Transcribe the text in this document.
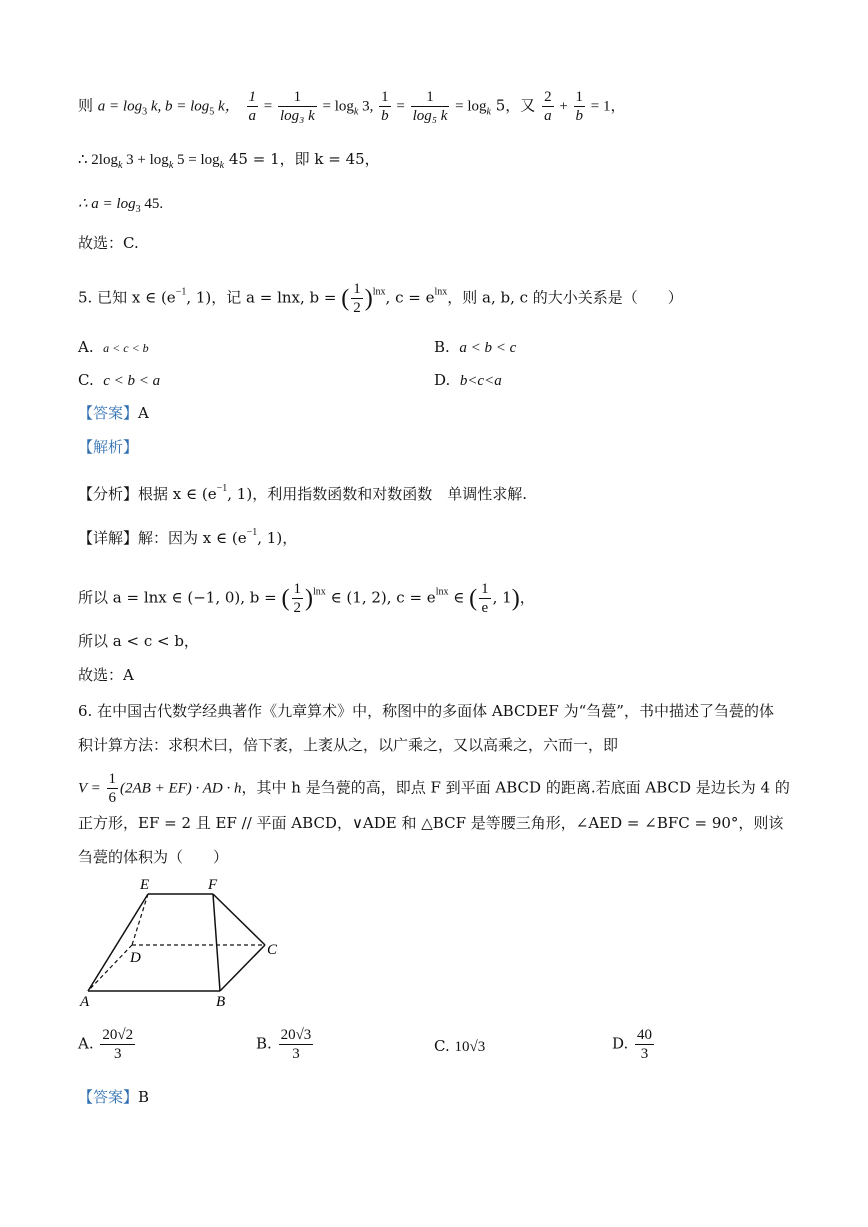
则 $a = \log_3 k$, $b = \log_5 k$， $\frac{1}{a} = \frac{1}{\text{log₃ k}} = \log_k 3$, $\frac{1}{b} = \frac{1}{\text{log₅ k}} = \log_k 5$，又 $\frac{2}{a} + \frac{1}{b} = 1$，
∴ $2\log_k$ $3 + \log_k 5 = \log_k 45 = 1$，即 k = 45，
∴ $a = \log_3 45$.
故选：C.
5. 已知 x ∈ ($e^{-1}$, 1)，记 a = lnx, b = ( $\frac{1}{2} )^{lnx}$, $c = e^{lnx}$，则 a, b, c 的大小关系是（　　）
A. a < c < b	B. a < b < c
C. c < b < a	D. b<c<a
【答案】A
【解析】
【分析】根据 x ∈ ($e^{-1}$, 1)，利用指数函数和对数函数　单调性求解.
【详解】解：因为 x ∈ ($e^{-1}$, 1)，
所以 a = lnx ∈ (−1, 0), b = ( $\frac{1}{2} )^{lnx}$ ∈ (1, 2), $c = e^{lnx}$ ∈ ( $\frac{1}{e}$ , 1)，
所以 a < c < b，
故选：A
6. 在中国古代数学经典著作《九章算术》中，称图中的多面体 ABCDEF 为“刍甍”，书中描述了刍甍的体
积计算方法：求积术曰，倍下袤，上袤从之，以广乘之，又以高乘之，六而一，即
$V = \frac{1}{6} (2AB + EF)$ · AD · h，其中 h 是刍甍的高，即点 F 到平面 ABCD 的距离.若底面 ABCD 是边长为 4 的
正方形，EF = 2 且 EF // 平面 ABCD，∨ADE 和 △BCF 是等腰三角形，∠AED = ∠BFC = 90°，则该
刍甍的体积为（　　）
E	F
C
D
A	B
A. $\frac{20√2}{3}$	B. $\frac{20√3}{3}$	C. 10√3	D. $\frac{40}{3}$
【答案】B
